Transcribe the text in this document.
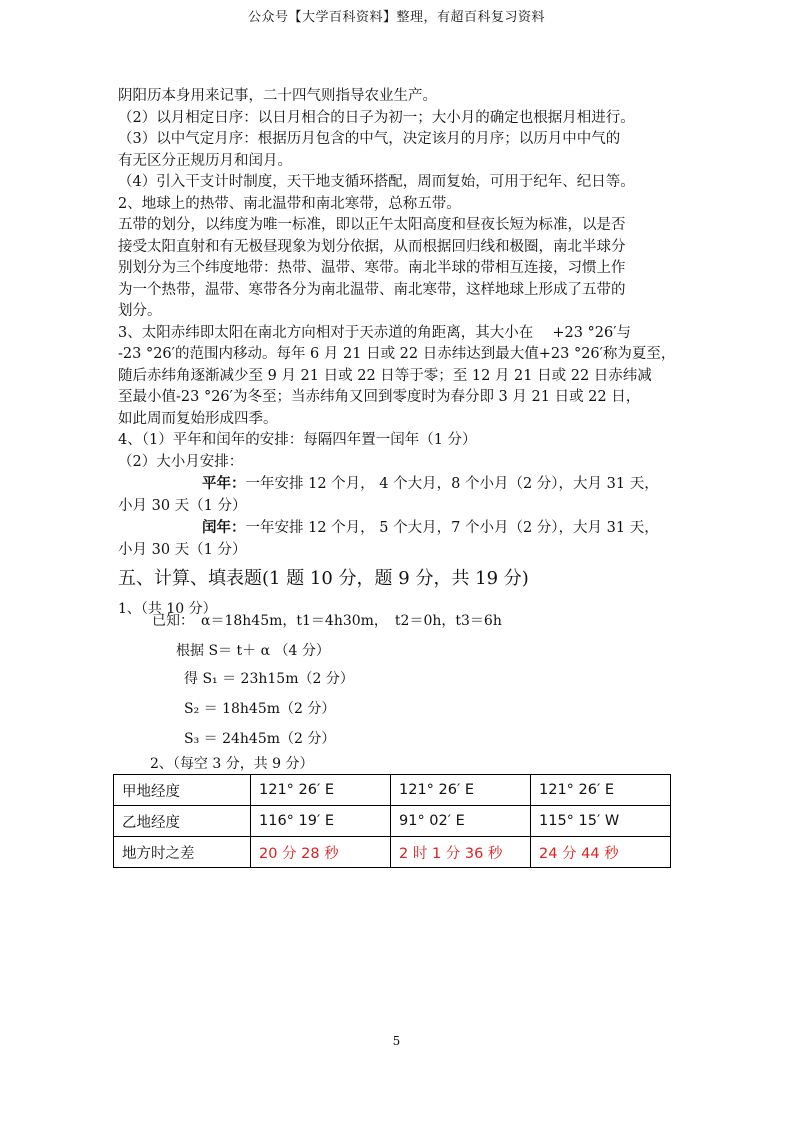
公众号【大学百科资料】整理，有超百科复习资料

阴阳历本身用来记事，二十四气则指导农业生产。

（2）以月相定日序：以日月相合的日子为初一；大小月的确定也根据月相进行。

（3）以中气定月序：根据历月包含的中气，决定该月的月序；以历月中中气的

有无区分正规历月和闰月。

（4）引入干支计时制度，天干地支循环搭配，周而复始，可用于纪年、纪日等。

2、地球上的热带、南北温带和南北寒带，总称五带。

五带的划分，以纬度为唯一标准，即以正午太阳高度和昼夜长短为标准，以是否

接受太阳直射和有无极昼现象为划分依据，从而根据回归线和极圈，南北半球分

别划分为三个纬度地带：热带、温带、寒带。南北半球的带相互连接，习惯上作

为一个热带，温带、寒带各分为南北温带、南北寒带，这样地球上形成了五带的

划分。

3、太阳赤纬即太阳在南北方向相对于天赤道的角距离，其大小在　 +23 °26′与

-23 °26′的范围内移动。每年 6 月 21 日或 22 日赤纬达到最大值+23 °26′称为夏至，

随后赤纬角逐渐减少至 9 月 21 日或 22 日等于零；至 12 月 21 日或 22 日赤纬减

至最小值-23 °26′为冬至；当赤纬角又回到零度时为春分即 3 月 21 日或 22 日，

如此周而复始形成四季。

4、（1）平年和闰年的安排：每隔四年置一闰年（1 分）

（2）大小月安排：

平年：一年安排 12 个月， 4 个大月，8 个小月（2 分），大月 31 天，

小月 30 天（1 分）

闰年：一年安排 12 个月， 5 个大月，7 个小月（2 分），大月 31 天，

小月 30 天（1 分）

五、计算、填表题(1 题 10 分，题 9 分，共 19 分)

1、（共 10 分）

已知：　α＝18h45m，t1＝4h30m，　t2＝0h，t3＝6h
根据 S＝ t＋ α （4 分）
得 S₁ ＝ 23h15m（2 分）
S₂ ＝ 18h45m（2 分）
S₃ ＝ 24h45m（2 分）
2、（每空 3 分，共 9 分）
甲地经度	121° 26′ E	121° 26′ E	121° 26′ E
乙地经度	116° 19′ E	91° 02′ E	115° 15′ W
地方时之差	20 分 28 秒	2 时 1 分 36 秒	24 分 44 秒
5
